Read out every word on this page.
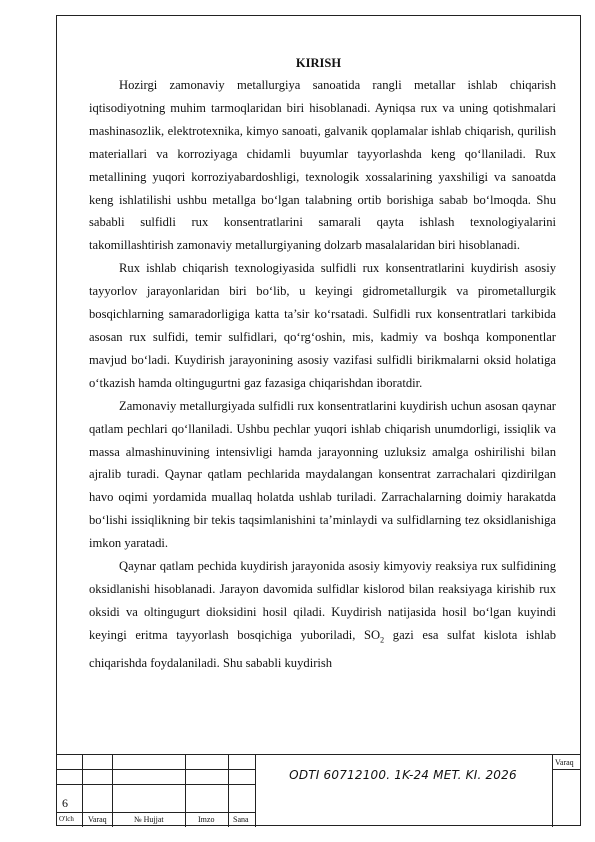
KIRISH

Hozirgi zamonaviy metallurgiya sanoatida rangli metallar ishlab chiqarish iqtisodiyotning muhim tarmoqlaridan biri hisoblanadi. Ayniqsa rux va uning qotishmalari mashinasozlik, elektrotexnika, kimyo sanoati, galvanik qoplamalar ishlab chiqarish, qurilish materiallari va korroziyaga chidamli buyumlar tayyorlashda keng qo‘llaniladi. Rux metallining yuqori korroziyabardoshligi, texnologik xossalarining yaxshiligi va sanoatda keng ishlatilishi ushbu metallga bo‘lgan talabning ortib borishiga sabab bo‘lmoqda. Shu sababli sulfidli rux konsentratlarini samarali qayta ishlash texnologiyalarini takomillashtirish zamonaviy metallurgiyaning dolzarb masalalaridan biri hisoblanadi.

Rux ishlab chiqarish texnologiyasida sulfidli rux konsentratlarini kuydirish asosiy tayyorlov jarayonlaridan biri bo‘lib, u keyingi gidrometallurgik va pirometallurgik bosqichlarning samaradorligiga katta ta’sir ko‘rsatadi. Sulfidli rux konsentratlari tarkibida asosan rux sulfidi, temir sulfidlari, qo‘rg‘oshin, mis, kadmiy va boshqa komponentlar mavjud bo‘ladi. Kuydirish jarayonining asosiy vazifasi sulfidli birikmalarni oksid holatiga o‘tkazish hamda oltingugurtni gaz fazasiga chiqarishdan iboratdir.

Zamonaviy metallurgiyada sulfidli rux konsentratlarini kuydirish uchun asosan qaynar qatlam pechlari qo‘llaniladi. Ushbu pechlar yuqori ishlab chiqarish unumdorligi, issiqlik va massa almashinuvining intensivligi hamda jarayonning uzluksiz amalga oshirilishi bilan ajralib turadi. Qaynar qatlam pechlarida maydalangan konsentrat zarrachalari qizdirilgan havo oqimi yordamida muallaq holatda ushlab turiladi. Zarrachalarning doimiy harakatda bo‘lishi issiqlikning bir tekis taqsimlanishini ta’minlaydi va sulfidlarning tez oksidlanishiga imkon yaratadi.

Qaynar qatlam pechida kuydirish jarayonida asosiy kimyoviy reaksiya rux sulfidining oksidlanishi hisoblanadi. Jarayon davomida sulfidlar kislorod bilan reaksiyaga kirishib rux oksidi va oltingugurt dioksidini hosil qiladi. Kuydirish natijasida hosil bo‘lgan kuyindi keyingi eritma tayyorlash bosqichiga yuboriladi, $SO_2$ gazi esa sulfat kislota ishlab chiqarishda foydalaniladi. Shu sababli kuydirish

O'lch Varaq	№ Hujjat	Imzo Sana
Varaq
ODTI 60712100. 1K-24 MET. KI. 2026
6
